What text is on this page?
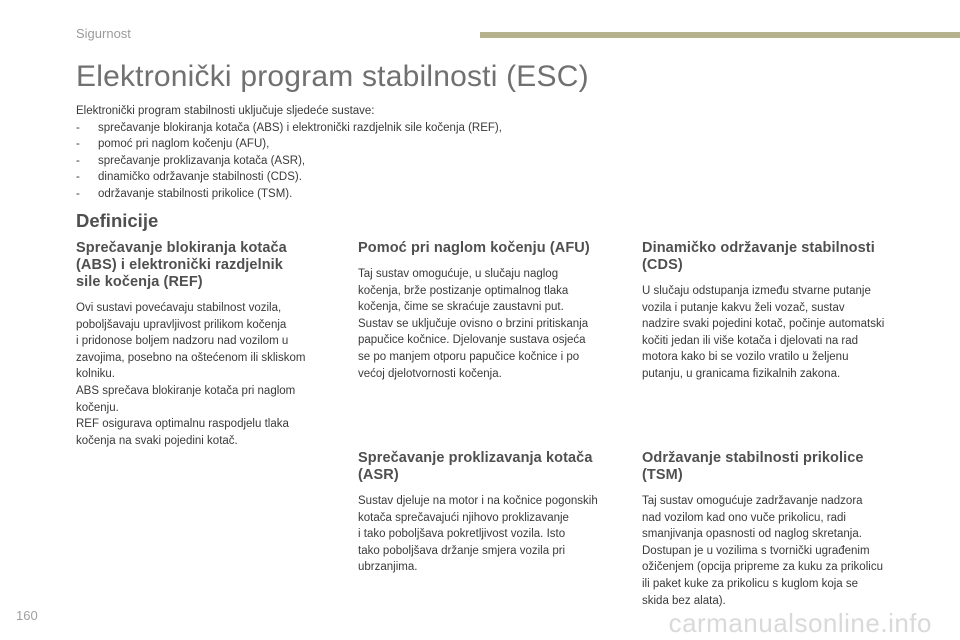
Sigurnost
Elektronički program stabilnosti (ESC)
Elektronički program stabilnosti uključuje sljedeće sustave:
-	sprečavanje blokiranja kotača (ABS) i elektronički razdjelnik sile kočenja (REF),
-	pomoć pri naglom kočenju (AFU),
-	sprečavanje proklizavanja kotača (ASR),
-	dinamičko održavanje stabilnosti (CDS).
-	održavanje stabilnosti prikolice (TSM).
Definicije
Sprečavanje blokiranja kotača
(ABS) i elektronički razdjelnik
sile kočenja (REF)

Ovi sustavi povećavaju stabilnost vozila,
poboljšavaju upravljivost prilikom kočenja
i pridonose boljem nadzoru nad vozilom u
zavojima, posebno na oštećenom ili skliskom
kolniku.
ABS sprečava blokiranje kotača pri naglom
kočenju.
REF osigurava optimalnu raspodjelu tlaka
kočenja na svaki pojedini kotač.

Pomoć pri naglom kočenju (AFU)

Taj sustav omogućuje, u slučaju naglog
kočenja, brže postizanje optimalnog tlaka
kočenja, čime se skraćuje zaustavni put.
Sustav se uključuje ovisno o brzini pritiskanja
papučice kočnice. Djelovanje sustava osjeća
se po manjem otporu papučice kočnice i po
većoj djelotvornosti kočenja.

Dinamičko održavanje stabilnosti
(CDS)

U slučaju odstupanja između stvarne putanje
vozila i putanje kakvu želi vozač, sustav
nadzire svaki pojedini kotač, počinje automatski
kočiti jedan ili više kotača i djelovati na rad
motora kako bi se vozilo vratilo u željenu
putanju, u granicama fizikalnih zakona.

Sprečavanje proklizavanja kotača
(ASR)

Sustav djeluje na motor i na kočnice pogonskih
kotača sprečavajući njihovo proklizavanje
i tako poboljšava pokretljivost vozila. Isto
tako poboljšava držanje smjera vozila pri
ubrzanjima.

Održavanje stabilnosti prikolice
(TSM)

Taj sustav omogućuje zadržavanje nadzora
nad vozilom kad ono vuče prikolicu, radi
smanjivanja opasnosti od naglog skretanja.
Dostupan je u vozilima s tvornički ugrađenim
ožičenjem (opcija pripreme za kuku za prikolicu
ili paket kuke za prikolicu s kuglom koja se
skida bez alata).

160	carmanualsonline.info
